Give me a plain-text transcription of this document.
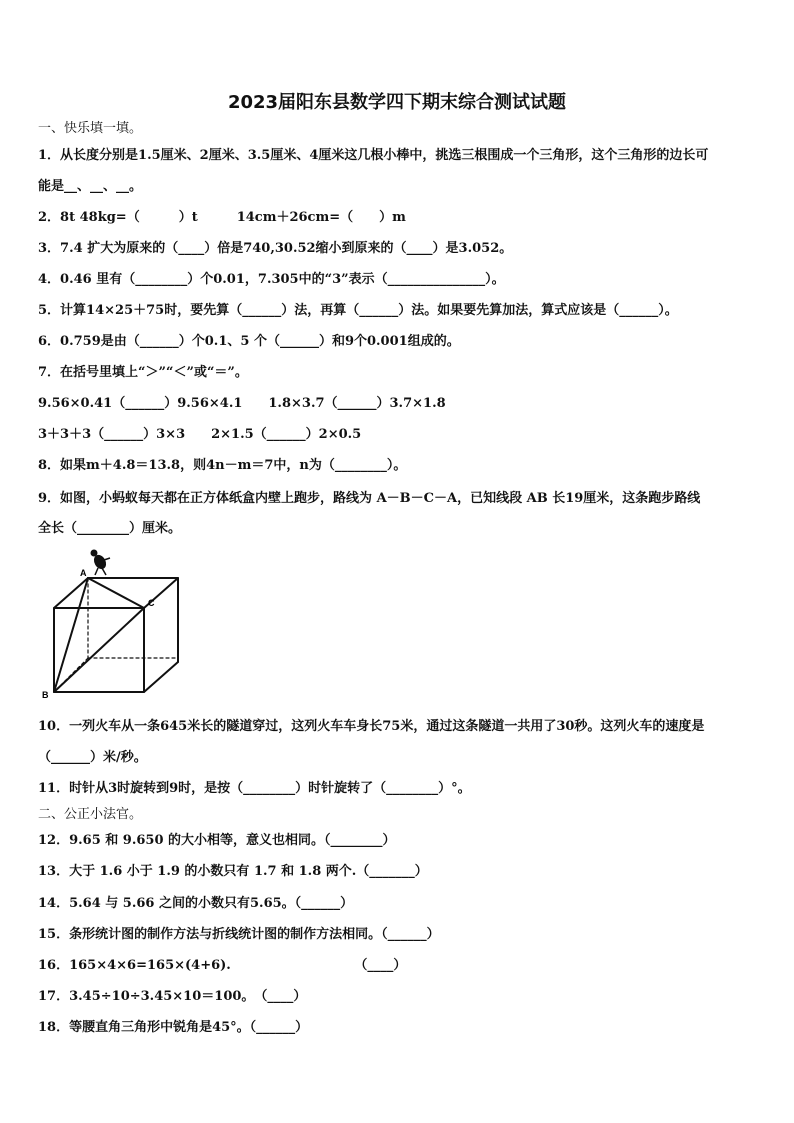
2023届阳东县数学四下期末综合测试试题
一、快乐填一填。
1．从长度分别是1.5厘米、2厘米、3.5厘米、4厘米这几根小棒中，挑选三根围成一个三角形，这个三角形的边长可
能是__、__、__。
2．8t 48kg=（　　　）t　　　14cm＋26cm=（　　）m
3．7.4 扩大为原来的（____）倍是740,30.52缩小到原来的（____）是3.052。
4．0.46 里有（________）个0.01，7.305中的“3”表示（_______________）。
5．计算14×25＋75时，要先算（______）法，再算（______）法。如果要先算加法，算式应该是（______）。
6．0.759是由（______）个0.1、5 个（______）和9个0.001组成的。
7．在括号里填上“＞”“＜”或“＝”。
9.56×0.41（______）9.56×4.1　　1.8×3.7（______）3.7×1.8
3＋3＋3（______）3×3　　2×1.5（______）2×0.5
8．如果m＋4.8＝13.8，则4n－m＝7中，n为（________）。
9．如图，小蚂蚁每天都在正方体纸盒内壁上跑步，路线为 A－B－C－A，已知线段 AB 长19厘米，这条跑步路线
全长（________）厘米。
A
B
C
10．一列火车从一条645米长的隧道穿过，这列火车车身长75米，通过这条隧道一共用了30秒。这列火车的速度是
（______）米/秒。
11．时针从3时旋转到9时，是按（________）时针旋转了（________）°。
二、公正小法官。
12．9.65 和 9.650 的大小相等，意义也相同。（________）
13．大于 1.6 小于 1.9 的小数只有 1.7 和 1.8 两个.（_______）
14．5.64 与 5.66 之间的小数只有5.65。（______）
15．条形统计图的制作方法与折线统计图的制作方法相同。（______）
16．165×4×6=165×(4+6).　　　　　　　　　　（____）
17．3.45÷10÷3.45×10＝100。　（____）
18．等腰直角三角形中锐角是45°。（______）
